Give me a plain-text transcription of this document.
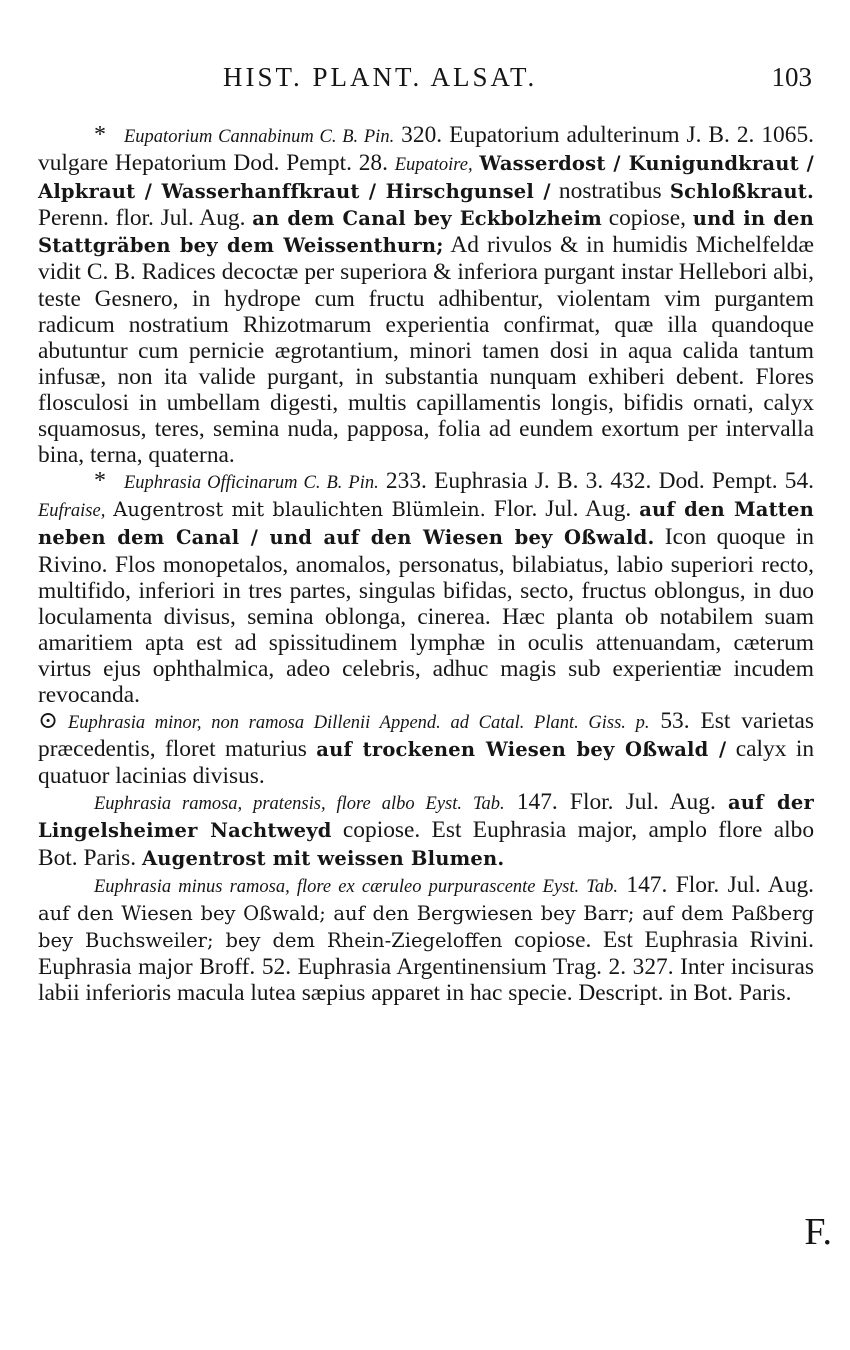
HIST. PLANT. ALSAT.	103

* Eupatorium Cannabinum C. B. Pin. 320. Eupatorium adulterinum J. B. 2. 1065. vulgare Hepatorium Dod. Pempt. 28. Eupatoire, Wasserdost / Kunigundkraut / Alpkraut / Wasserhanffkraut / Hirschgunsel / nostratibus Schloßkraut. Perenn. flor. Jul. Aug. an dem Canal bey Eckbolzheim copiose, und in den Stattgräben bey dem Weissenthurn; Ad rivulos & in humidis Michelfeldæ vidit C. B. Radices decoctæ per superiora & inferiora purgant instar Hellebori albi, teste Gesnero, in hydrope cum fructu adhibentur, violentam vim purgantem radicum nostratium Rhizotmarum experientia confirmat, quæ illa quandoque abutuntur cum pernicie ægrotantium, minori tamen dosi in aqua calida tantum infusæ, non ita valide purgant, in substantia nunquam exhiberi debent. Flores flosculosi in umbellam digesti, multis capillamentis longis, bifidis ornati, calyx squamosus, teres, semina nuda, papposa, folia ad eundem exortum per intervalla bina, terna, quaterna.

* Euphrasia Officinarum C. B. Pin. 233. Euphrasia J. B. 3. 432. Dod. Pempt. 54. Eufraise, Augentrost mit blaulichten Blümlein. Flor. Jul. Aug. auf den Matten neben dem Canal / und auf den Wiesen bey Oßwald. Icon quoque in Rivino. Flos monopetalos, anomalos, personatus, bilabiatus, labio superiori recto, multifido, inferiori in tres partes, singulas bifidas, secto, fructus oblongus, in duo loculamenta divisus, semina oblonga, cinerea. Hæc planta ob notabilem suam amaritiem apta est ad spissitudinem lymphæ in oculis attenuandam, cæterum virtus ejus ophthalmica, adeo celebris, adhuc magis sub experientiæ incudem revocanda.

⊙ Euphrasia minor, non ramosa Dillenii Append. ad Catal. Plant. Giss. p. 53. Est varietas præcedentis, floret maturius auf trockenen Wiesen bey Oßwald / calyx in quatuor lacinias divisus.

Euphrasia ramosa, pratensis, flore albo Eyst. Tab. 147. Flor. Jul. Aug. auf der Lingelsheimer Nachtweyd copiose. Est Euphrasia major, amplo flore albo Bot. Paris. Augentrost mit weissen Blumen.

Euphrasia minus ramosa, flore ex cæruleo purpurascente Eyst. Tab. 147. Flor. Jul. Aug. auf den Wiesen bey Oßwald; auf den Bergwiesen bey Barr; auf dem Paßberg bey Buchsweiler; bey dem Rhein-Ziegeloffen copiose. Est Euphrasia Rivini. Euphrasia major Broff. 52. Euphrasia Argentinensium Trag. 2. 327. Inter incisuras labii inferioris macula lutea sæpius apparet in hac specie. Descript. in Bot. Paris.

F.
